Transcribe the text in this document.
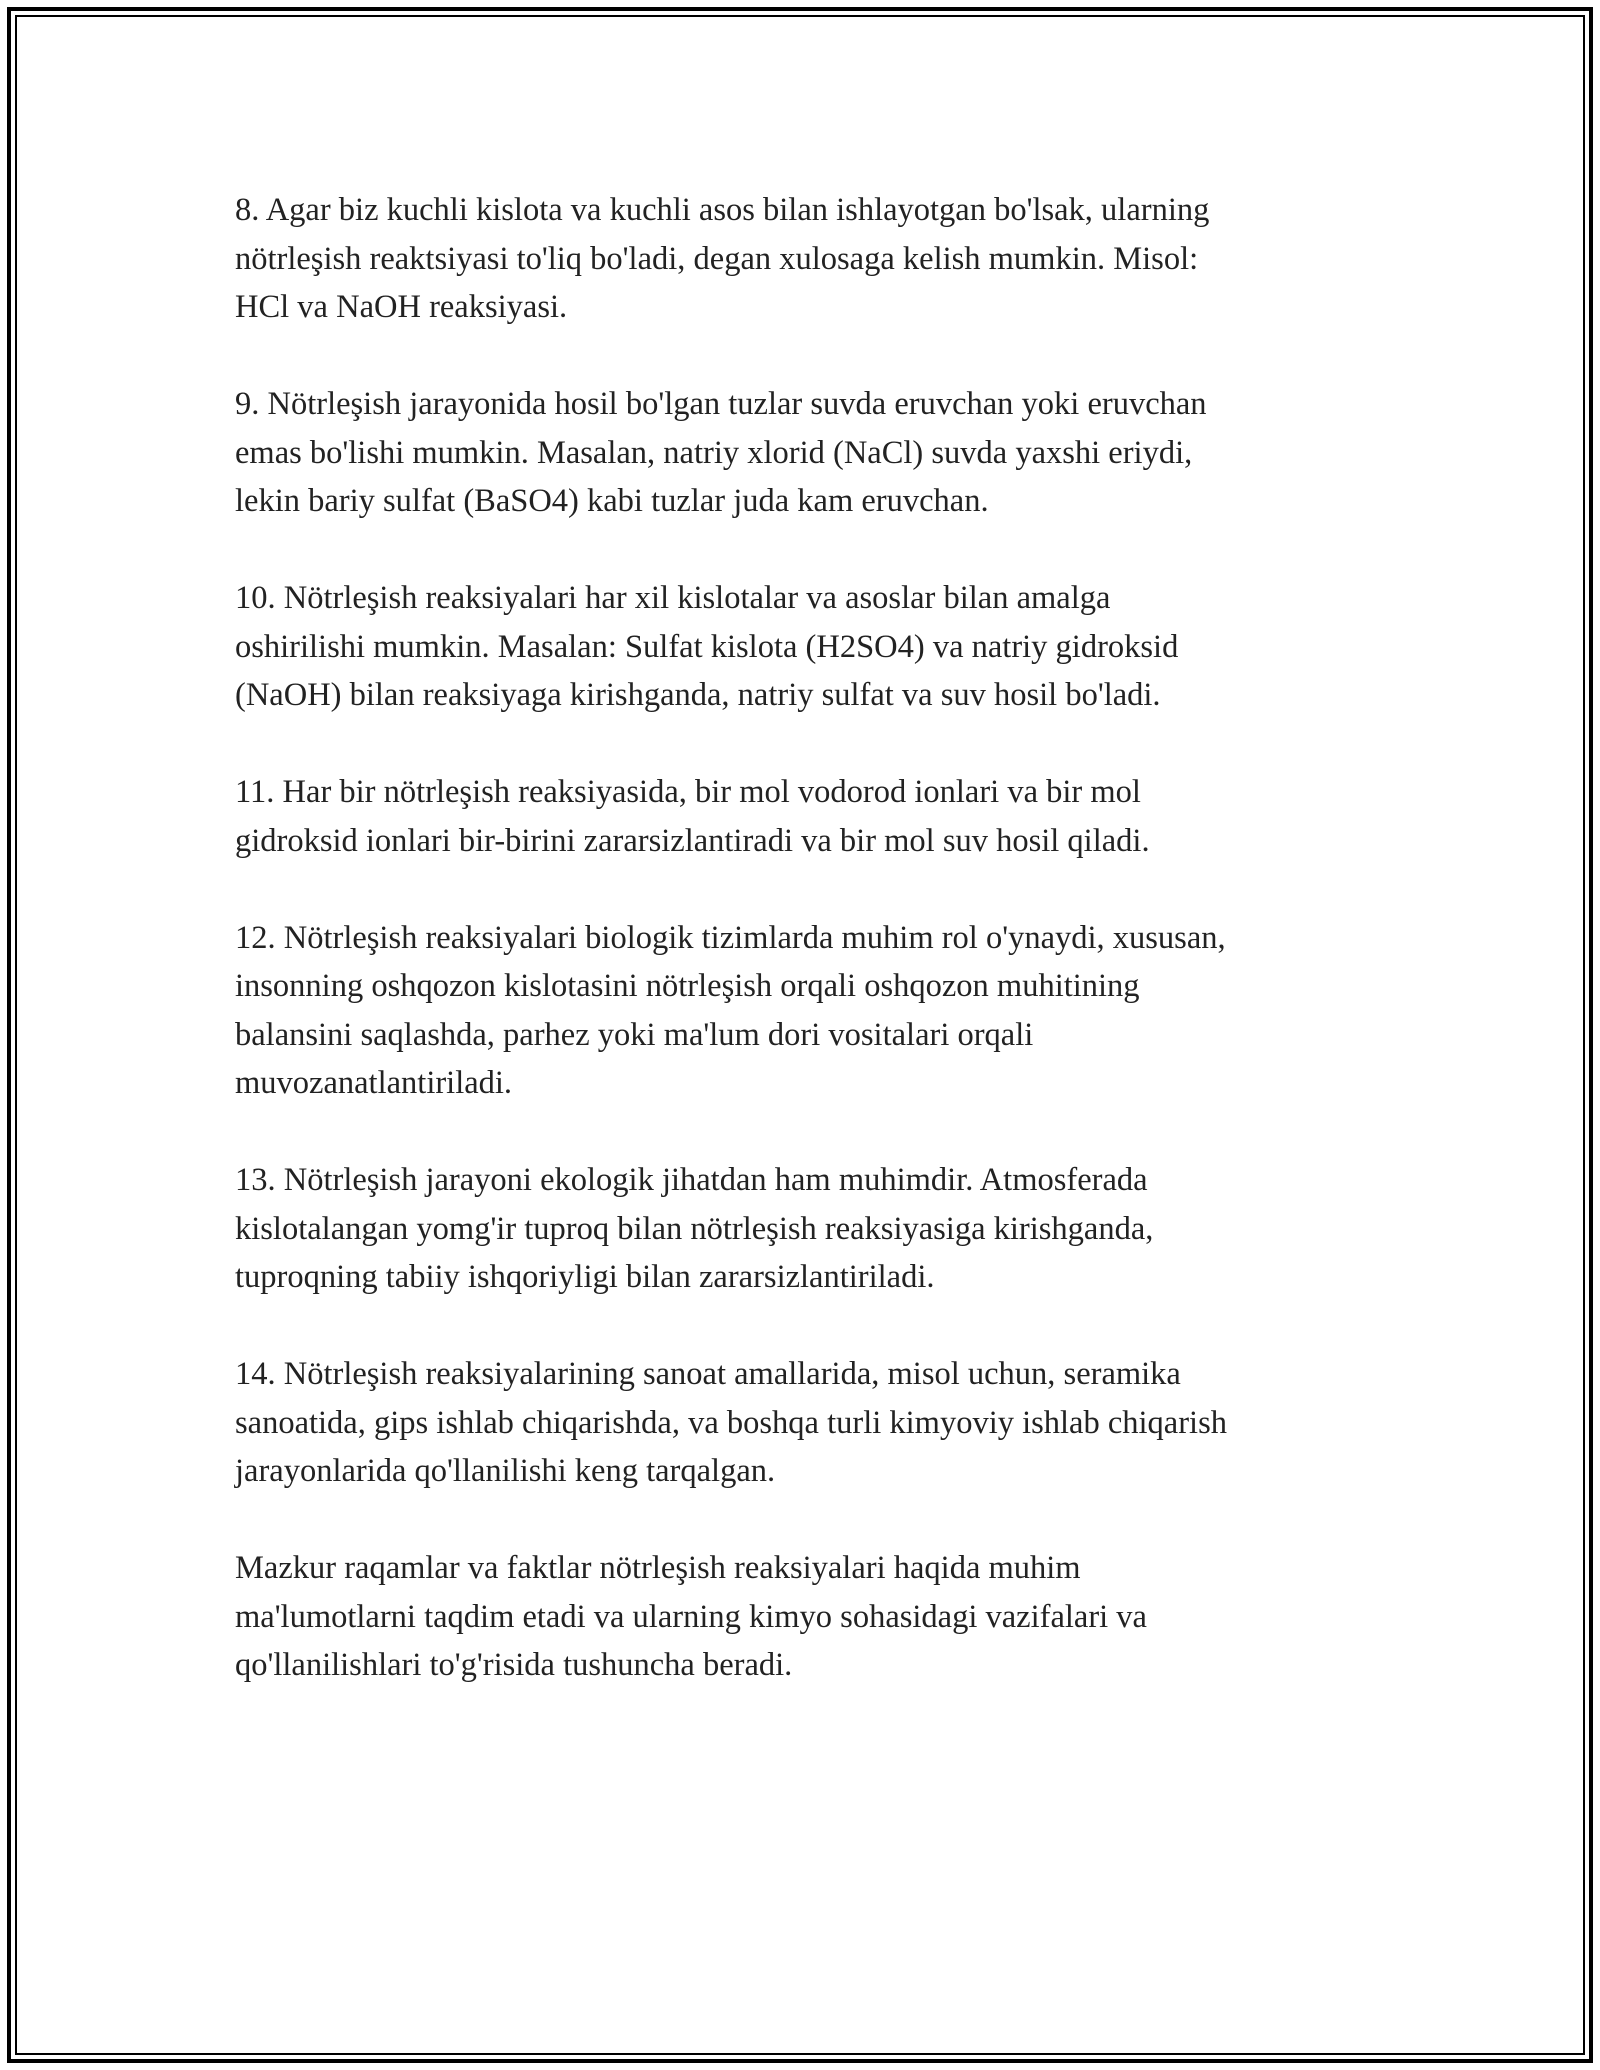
8. Agar biz kuchli kislota va kuchli asos bilan ishlayotgan bo'lsak, ularning
nötrleşish reaktsiyasi to'liq bo'ladi, degan xulosaga kelish mumkin. Misol:
HCl va NaOH reaksiyasi.

9. Nötrleşish jarayonida hosil bo'lgan tuzlar suvda eruvchan yoki eruvchan
emas bo'lishi mumkin. Masalan, natriy xlorid (NaCl) suvda yaxshi eriydi,
lekin bariy sulfat (BaSO4) kabi tuzlar juda kam eruvchan.

10. Nötrleşish reaksiyalari har xil kislotalar va asoslar bilan amalga
oshirilishi mumkin. Masalan: Sulfat kislota (H2SO4) va natriy gidroksid
(NaOH) bilan reaksiyaga kirishganda, natriy sulfat va suv hosil bo'ladi.

11. Har bir nötrleşish reaksiyasida, bir mol vodorod ionlari va bir mol
gidroksid ionlari bir-birini zararsizlantiradi va bir mol suv hosil qiladi.

12. Nötrleşish reaksiyalari biologik tizimlarda muhim rol o'ynaydi, xususan,
insonning oshqozon kislotasini nötrleşish orqali oshqozon muhitining
balansini saqlashda, parhez yoki ma'lum dori vositalari orqali
muvozanatlantiriladi.

13. Nötrleşish jarayoni ekologik jihatdan ham muhimdir. Atmosferada
kislotalangan yomg'ir tuproq bilan nötrleşish reaksiyasiga kirishganda,
tuproqning tabiiy ishqoriyligi bilan zararsizlantiriladi.

14. Nötrleşish reaksiyalarining sanoat amallarida, misol uchun, seramika
sanoatida, gips ishlab chiqarishda, va boshqa turli kimyoviy ishlab chiqarish
jarayonlarida qo'llanilishi keng tarqalgan.

Mazkur raqamlar va faktlar nötrleşish reaksiyalari haqida muhim
ma'lumotlarni taqdim etadi va ularning kimyo sohasidagi vazifalari va
qo'llanilishlari to'g'risida tushuncha beradi.
